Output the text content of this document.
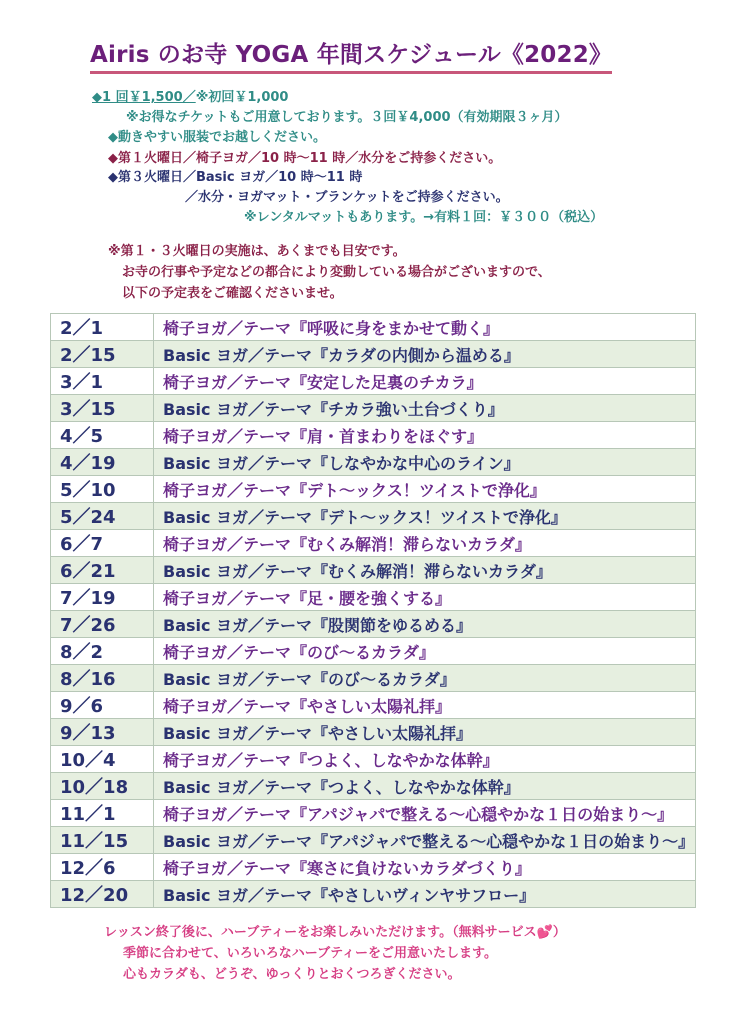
Airis のお寺 YOGA 年間スケジュール《2022》
◆1 回￥1,500／※初回￥1,000
※お得なチケットもご用意しております。３回￥4,000（有効期限３ヶ月）
◆動きやすい服装でお越しください。
◆第１火曜日／椅子ヨガ／10 時〜11 時／水分をご持参ください。
◆第３火曜日／Basic ヨガ／10 時〜11 時
／水分・ヨガマット・ブランケットをご持参ください。
※レンタルマットもあります。→有料１回：￥３００（税込）
※第１・３火曜日の実施は、あくまでも目安です。
お寺の行事や予定などの都合により変動している場合がございますので、
以下の予定表をご確認くださいませ。
2／1	椅子ヨガ／テーマ『呼吸に身をまかせて動く』
2／15	Basic ヨガ／テーマ『カラダの内側から温める』
3／1	椅子ヨガ／テーマ『安定した足裏のチカラ』
3／15	Basic ヨガ／テーマ『チカラ強い土台づくり』
4／5	椅子ヨガ／テーマ『肩・首まわりをほぐす』
4／19	Basic ヨガ／テーマ『しなやかな中心のライン』
5／10	椅子ヨガ／テーマ『デト〜ックス！ツイストで浄化』
5／24	Basic ヨガ／テーマ『デト〜ックス！ツイストで浄化』
6／7	椅子ヨガ／テーマ『むくみ解消！滞らないカラダ』
6／21	Basic ヨガ／テーマ『むくみ解消！滞らないカラダ』
7／19	椅子ヨガ／テーマ『足・腰を強くする』
7／26	Basic ヨガ／テーマ『股関節をゆるめる』
8／2	椅子ヨガ／テーマ『のび〜るカラダ』
8／16	Basic ヨガ／テーマ『のび〜るカラダ』
9／6	椅子ヨガ／テーマ『やさしい太陽礼拝』
9／13	Basic ヨガ／テーマ『やさしい太陽礼拝』
10／4	椅子ヨガ／テーマ『つよく、しなやかな体幹』
10／18	Basic ヨガ／テーマ『つよく、しなやかな体幹』
11／1	椅子ヨガ／テーマ『アパジャパで整える〜心穏やかな１日の始まり〜』
11／15	Basic ヨガ／テーマ『アパジャパで整える〜心穏やかな１日の始まり〜』
12／6	椅子ヨガ／テーマ『寒さに負けないカラダづくり』
12／20	Basic ヨガ／テーマ『やさしいヴィンヤサフロー』
レッスン終了後に、ハーブティーをお楽しみいただけます。（無料サービス💕）
季節に合わせて、いろいろなハーブティーをご用意いたします。
心もカラダも、どうぞ、ゆっくりとおくつろぎください。
